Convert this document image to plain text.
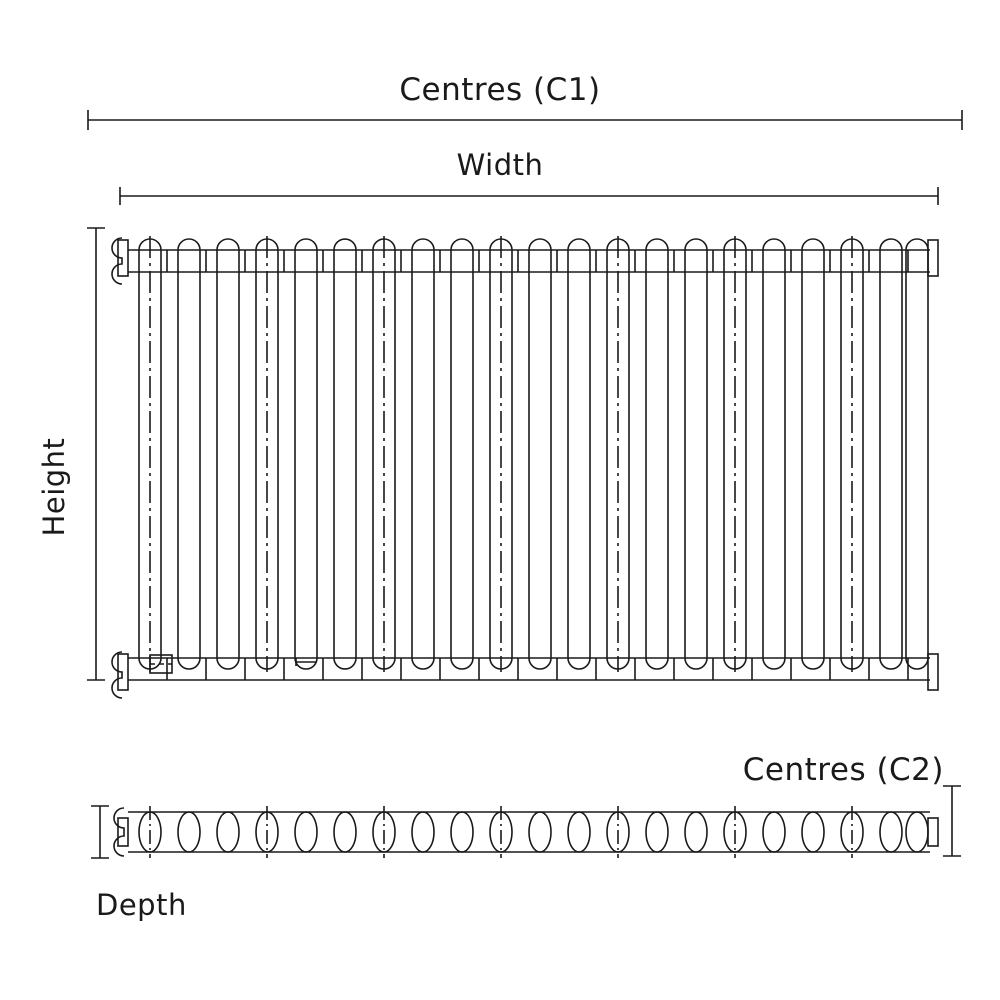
Centres (C1)
Width
Height
Centres (C2)
Depth
